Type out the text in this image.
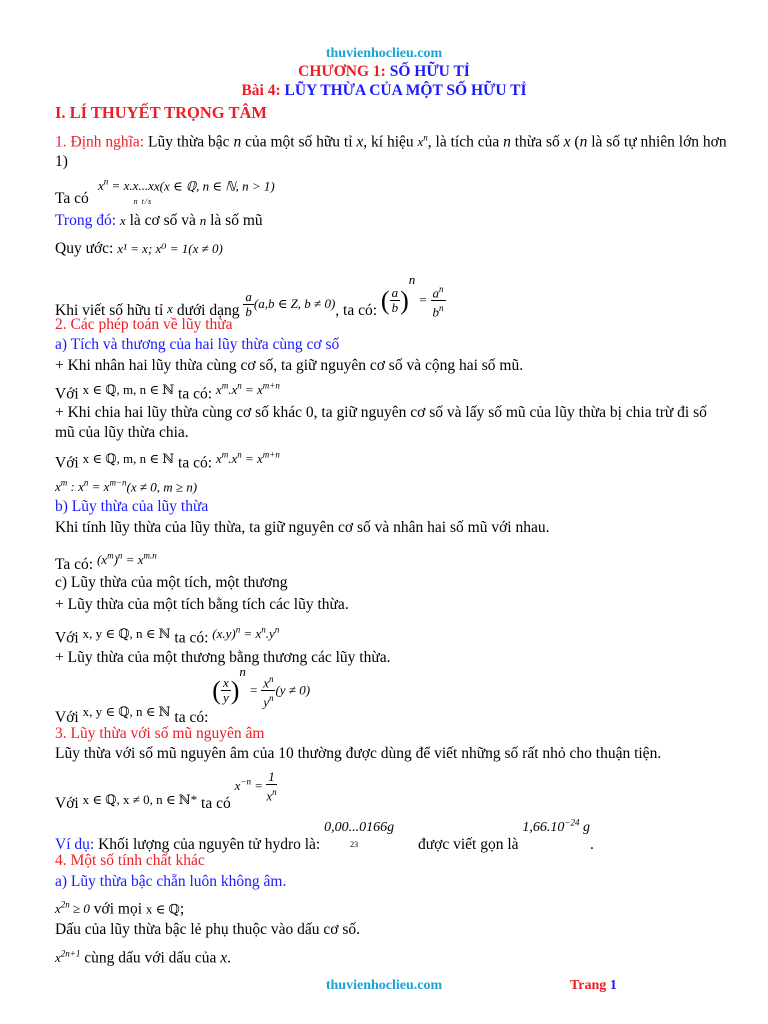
thuvienhoclieu.com
CHƯƠNG 1: SỐ HỮU TỈ
Bài 4: LŨY THỪA CỦA MỘT SỐ HỮU TỈ
I. LÍ THUYẾT TRỌNG TÂM
1. Định nghĩa: Lũy thừa bậc n của một số hữu tỉ x, kí hiệu $x^n$, là tích của n thừa số x (n là số tự nhiên lớn hơn 1)
$x^n = x.x...x$
n t/s
x(x ∈ ℚ, n ∈ ℕ, n > 1)
Ta có
Trong đó: x là cơ số và n là số mũ
Quy ước: x¹ = x; x⁰ = 1(x ≠ 0)
Khi viết số hữu tỉ $_x$ dưới dạng $\frac{a}{b} _{(a,b \in Z, b \ne 0)}$, ta có: ( $\frac{a}{b} )^n$ $_= \frac{a^n}{b^n}$
2. Các phép toán về lũy thừa
a) Tích và thương của hai lũy thừa cùng cơ số
+ Khi nhân hai lũy thừa cùng cơ số, ta giữ nguyên cơ số và cộng hai số mũ.
Với $^{x \in ℚ, m, n \in ℕ}$ ta có: $^{x^m.x^n = x^{m+n}}$
+ Khi chia hai lũy thừa cùng cơ số khác 0, ta giữ nguyên cơ số và lấy số mũ của lũy thừa bị chia trừ đi số mũ của lũy thừa chia.
Với $^{x \in ℚ, m, n \in ℕ}$ ta có: $^{x^m.x^n = x^{m+n}}$
$x^m$ : $x^n = x^{m-n}(x \ne 0$, m ≥ n)
b) Lũy thừa của lũy thừa
Khi tính lũy thừa của lũy thừa, ta giữ nguyên cơ số và nhân hai số mũ với nhau.
Ta có: $(x^m)^n = x^{m.n}$
c) Lũy thừa của một tích, một thương
+ Lũy thừa của một tích bằng tích các lũy thừa.
Với $^{x, y \in ℚ, n \in ℕ}$ ta có: $^{(x.y)^n = x^n.y^n}$
+ Lũy thừa của một thương bằng thương các lũy thừa.
Với $_{x, y \in ℚ, n \in ℕ}$ ta có: ( $\frac{x}{y} )^n = \frac{x^n}{y^n} (y \ne 0)$
3. Lũy thừa với số mũ nguyên âm
Lũy thừa với số mũ nguyên âm của 10 thường được dùng để viết những số rất nhỏ cho thuận tiện.
Với $_{x \in ℚ, x \ne 0, n \in ℕ*}$ ta có $_{x^{-n} =} \frac{1}{x^n}$
Ví dụ: Khối lượng của nguyên tử hydro là: 0,00...0166g
23	được viết gọn là $1,66.10^{-24}$ g.
4. Một số tính chất khác
a) Lũy thừa bậc chẵn luôn không âm.
$x^{2n} \ge 0$ với mọi x ∈ ℚ;
Dấu của lũy thừa bậc lẻ phụ thuộc vào dấu cơ số.
$x^{2n+1}$ cùng dấu với dấu của x.
thuvienhoclieu.com	Trang 1
